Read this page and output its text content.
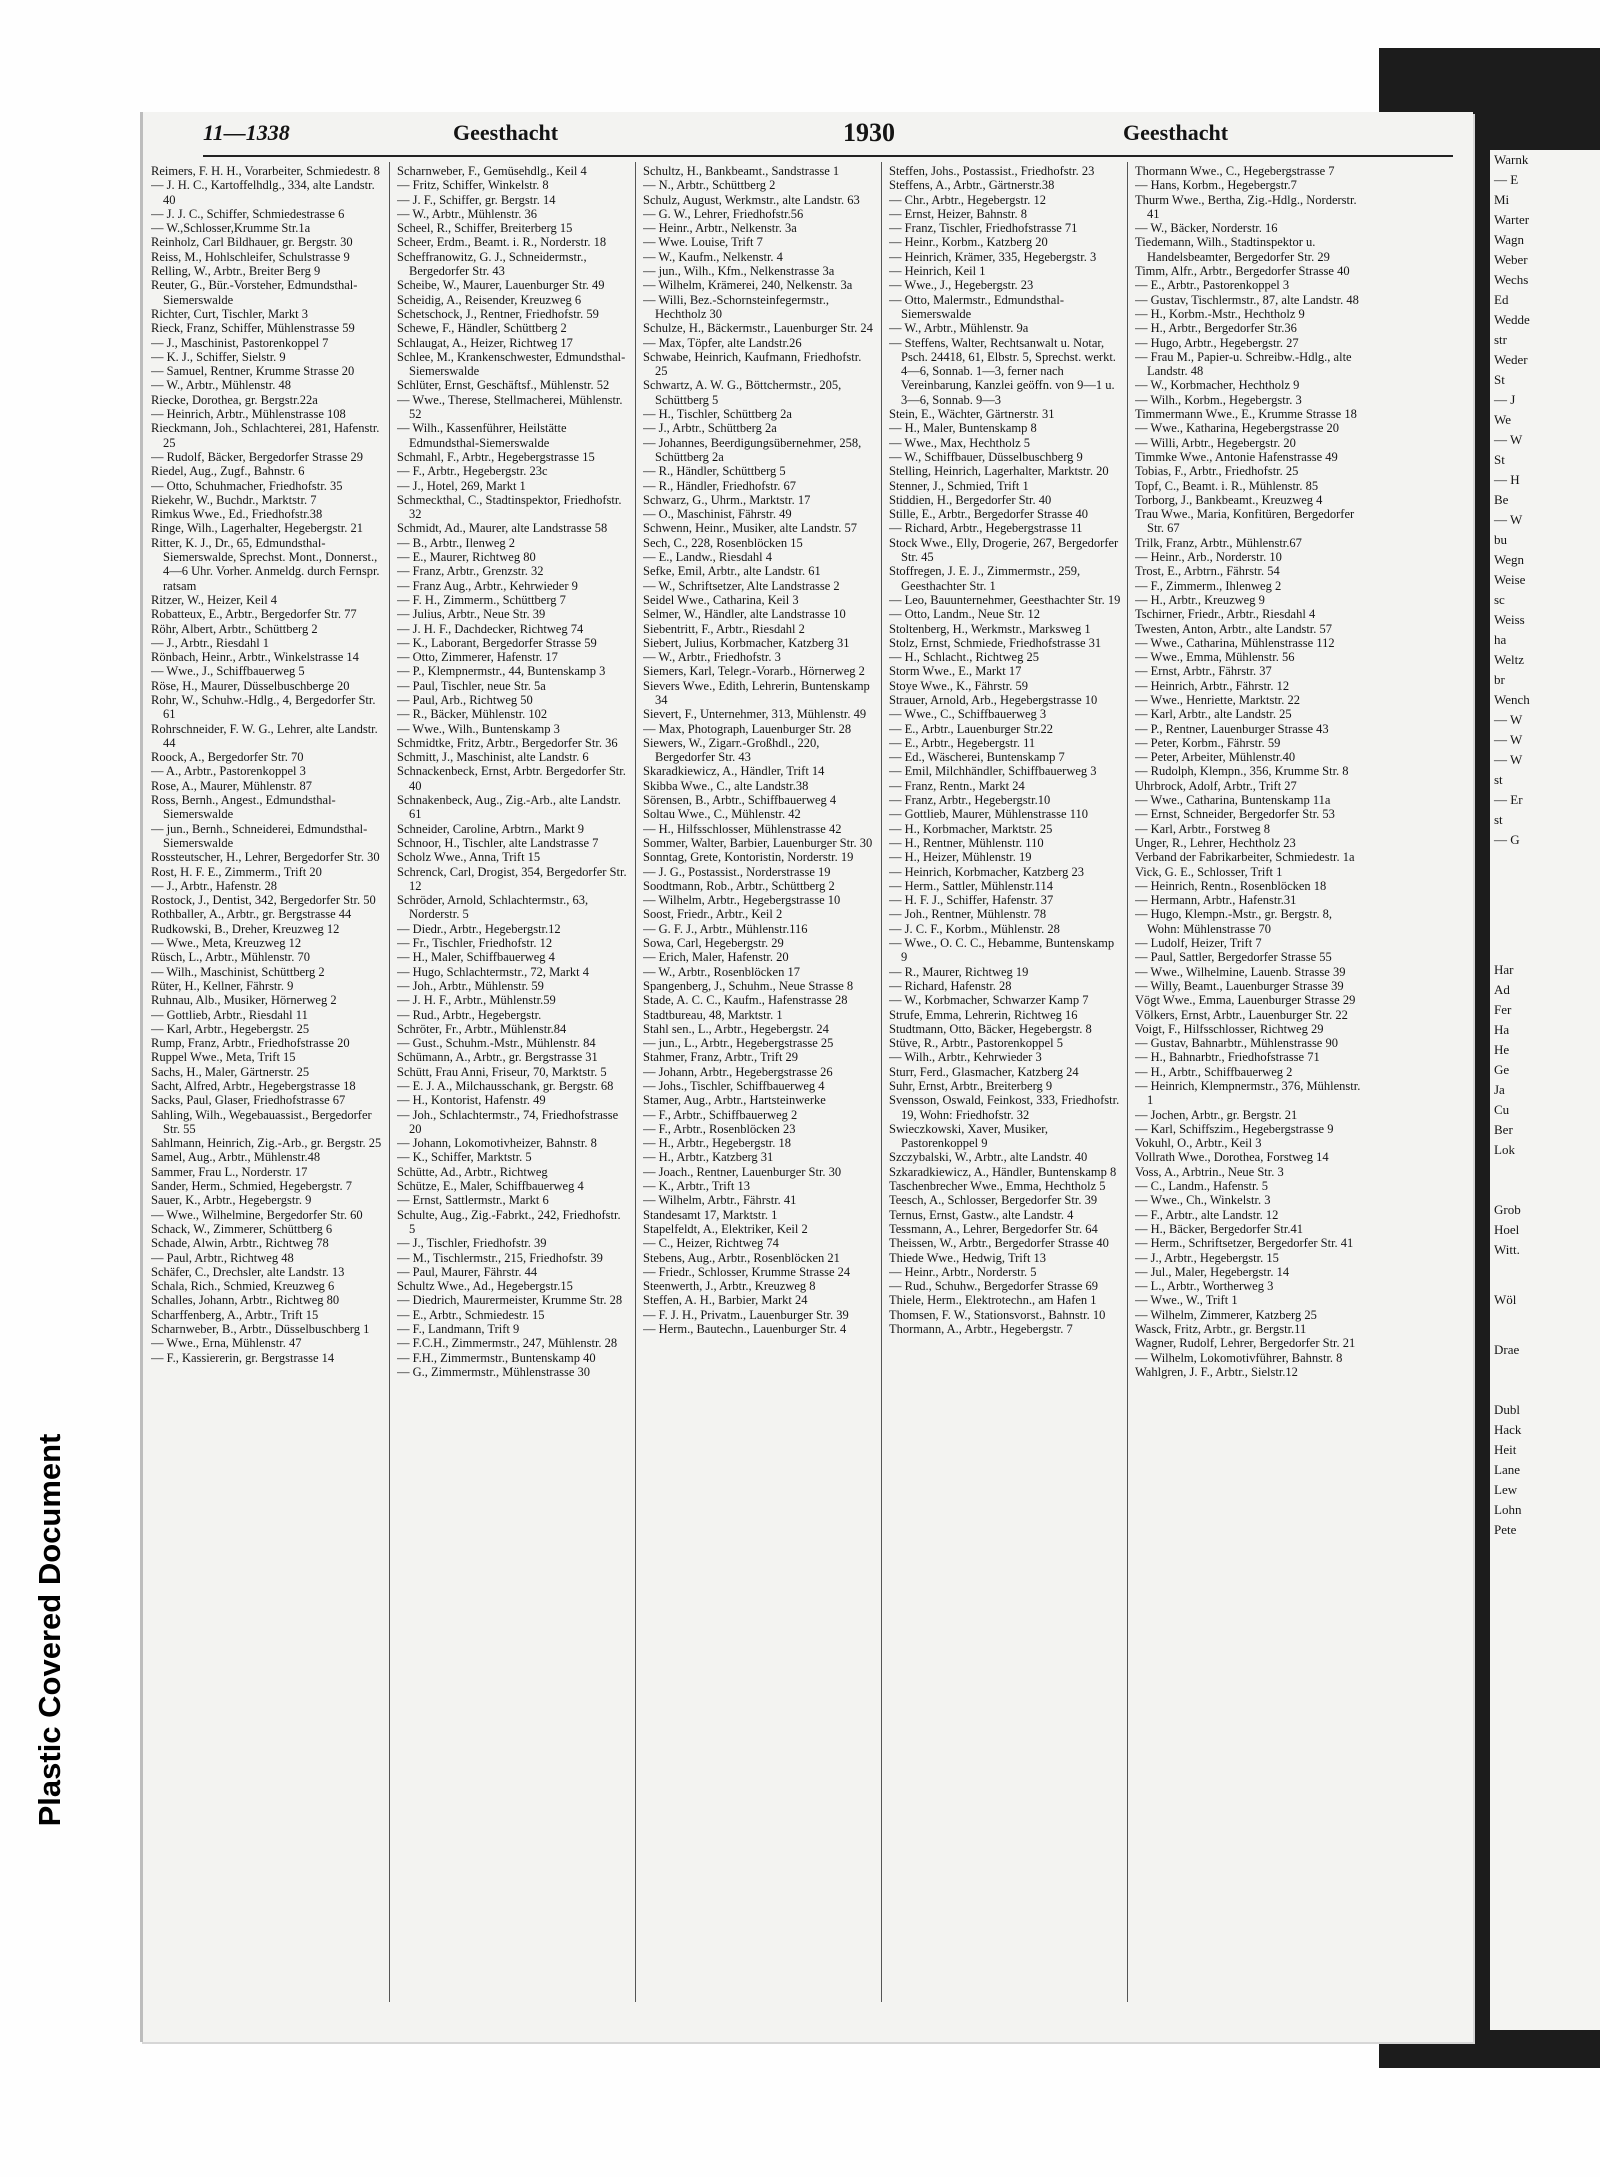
Plastic Covered Document
Warnk
— E
Mi
Warter
Wagn
Weber
Wechs
Ed
Wedde
str
Weder
St
— J
We
— W
St
— H
Be
— W
bu
Wegn
Weise
sc
Weiss
ha
Weltz
br
Wench
— W
— W
— W
st
— Er
st
— G
Har
Ad
Fer
Ha
He
Ge
Ja
Cu
Ber
Lok
Grob
Hoel
Witt.
Wöl
Drae
Dubl
Hack
Heit
Lane
Lew
Lohn
Pete
11—1338	Geesthacht	1930	Geesthacht
Reimers, F. H. H., Vorarbeiter, Schmiedestr. 8
— J. H. C., Kartoffelhdlg., 334, alte Landstr. 40
— J. J. C., Schiffer, Schmiedestrasse 6
— W.,Schlosser,Krumme Str.1a
Reinholz, Carl Bildhauer, gr. Bergstr. 30
Reiss, M., Hohlschleifer, Schulstrasse 9
Relling, W., Arbtr., Breiter Berg 9
Reuter, G., Bür.-Vorsteher, Edmundsthal-Siemerswalde
Richter, Curt, Tischler, Markt 3
Rieck, Franz, Schiffer, Mühlenstrasse 59
— J., Maschinist, Pastorenkoppel 7
— K. J., Schiffer, Sielstr. 9
— Samuel, Rentner, Krumme Strasse 20
— W., Arbtr., Mühlenstr. 48
Riecke, Dorothea, gr. Bergstr.22a
— Heinrich, Arbtr., Mühlenstrasse 108
Rieckmann, Joh., Schlachterei, 281, Hafenstr. 25
— Rudolf, Bäcker, Bergedorfer Strasse 29
Riedel, Aug., Zugf., Bahnstr. 6
— Otto, Schuhmacher, Friedhofstr. 35
Riekehr, W., Buchdr., Marktstr. 7
Rimkus Wwe., Ed., Friedhofstr.38
Ringe, Wilh., Lagerhalter, Hegebergstr. 21
Ritter, K. J., Dr., 65, Edmundsthal-Siemerswalde, Sprechst. Mont., Donnerst., 4—6 Uhr. Vorher. Anmeldg. durch Fernspr. ratsam
Ritzer, W., Heizer, Keil 4
Robatteux, E., Arbtr., Bergedorfer Str. 77
Röhr, Albert, Arbtr., Schüttberg 2
— J., Arbtr., Riesdahl 1
Rönbach, Heinr., Arbtr., Winkelstrasse 14
— Wwe., J., Schiffbauerweg 5
Röse, H., Maurer, Düsselbuschberge 20
Rohr, W., Schuhw.-Hdlg., 4, Bergedorfer Str. 61
Rohrschneider, F. W. G., Lehrer, alte Landstr. 44
Roock, A., Bergedorfer Str. 70
— A., Arbtr., Pastorenkoppel 3
Rose, A., Maurer, Mühlenstr. 87
Ross, Bernh., Angest., Edmundsthal-Siemerswalde
— jun., Bernh., Schneiderei, Edmundsthal-Siemerswalde
Rossteutscher, H., Lehrer, Bergedorfer Str. 30
Rost, H. F. E., Zimmerm., Trift 20
— J., Arbtr., Hafenstr. 28
Rostock, J., Dentist, 342, Bergedorfer Str. 50
Rothballer, A., Arbtr., gr. Bergstrasse 44
Rudkowski, B., Dreher, Kreuzweg 12
— Wwe., Meta, Kreuzweg 12
Rüsch, L., Arbtr., Mühlenstr. 70
— Wilh., Maschinist, Schüttberg 2
Rüter, H., Kellner, Fährstr. 9
Ruhnau, Alb., Musiker, Hörnerweg 2
— Gottlieb, Arbtr., Riesdahl 11
— Karl, Arbtr., Hegebergstr. 25
Rump, Franz, Arbtr., Friedhofstrasse 20
Ruppel Wwe., Meta, Trift 15
Sachs, H., Maler, Gärtnerstr. 25
Sacht, Alfred, Arbtr., Hegebergstrasse 18
Sacks, Paul, Glaser, Friedhofstrasse 67
Sahling, Wilh., Wegebauassist., Bergedorfer Str. 55
Sahlmann, Heinrich, Zig.-Arb., gr. Bergstr. 25
Samel, Aug., Arbtr., Mühlenstr.48
Sammer, Frau L., Norderstr. 17
Sander, Herm., Schmied, Hegebergstr. 7
Sauer, K., Arbtr., Hegebergstr. 9
— Wwe., Wilhelmine, Bergedorfer Str. 60
Schack, W., Zimmerer, Schüttberg 6
Schade, Alwin, Arbtr., Richtweg 78
— Paul, Arbtr., Richtweg 48
Schäfer, C., Drechsler, alte Landstr. 13
Schala, Rich., Schmied, Kreuzweg 6
Schalles, Johann, Arbtr., Richtweg 80
Scharffenberg, A., Arbtr., Trift 15
Scharnweber, B., Arbtr., Düsselbuschberg 1
— Wwe., Erna, Mühlenstr. 47
— F., Kassiererin, gr. Bergstrasse 14
Scharnweber, F., Gemüsehdlg., Keil 4
— Fritz, Schiffer, Winkelstr. 8
— J. F., Schiffer, gr. Bergstr. 14
— W., Arbtr., Mühlenstr. 36
Scheel, R., Schiffer, Breiterberg 15
Scheer, Erdm., Beamt. i. R., Norderstr. 18
Scheffranowitz, G. J., Schneidermstr., Bergedorfer Str. 43
Scheibe, W., Maurer, Lauenburger Str. 49
Scheidig, A., Reisender, Kreuzweg 6
Schetschock, J., Rentner, Friedhofstr. 59
Schewe, F., Händler, Schüttberg 2
Schlaugat, A., Heizer, Richtweg 17
Schlee, M., Krankenschwester, Edmundsthal-Siemerswalde
Schlüter, Ernst, Geschäftsf., Mühlenstr. 52
— Wwe., Therese, Stellmacherei, Mühlenstr. 52
— Wilh., Kassenführer, Heilstätte Edmundsthal-Siemerswalde
Schmahl, F., Arbtr., Hegebergstrasse 15
— F., Arbtr., Hegebergstr. 23c
— J., Hotel, 269, Markt 1
Schmeckthal, C., Stadtinspektor, Friedhofstr. 32
Schmidt, Ad., Maurer, alte Landstrasse 58
— B., Arbtr., Ilenweg 2
— E., Maurer, Richtweg 80
— Franz, Arbtr., Grenzstr. 32
— Franz Aug., Arbtr., Kehrwieder 9
— F. H., Zimmerm., Schüttberg 7
— Julius, Arbtr., Neue Str. 39
— J. H. F., Dachdecker, Richtweg 74
— K., Laborant, Bergedorfer Strasse 59
— Otto, Zimmerer, Hafenstr. 17
— P., Klempnermstr., 44, Buntenskamp 3
— Paul, Tischler, neue Str. 5a
— Paul, Arb., Richtweg 50
— R., Bäcker, Mühlenstr. 102
— Wwe., Wilh., Buntenskamp 3
Schmidtke, Fritz, Arbtr., Bergedorfer Str. 36
Schmitt, J., Maschinist, alte Landstr. 6
Schnackenbeck, Ernst, Arbtr. Bergedorfer Str. 40
Schnakenbeck, Aug., Zig.-Arb., alte Landstr. 61
Schneider, Caroline, Arbtrn., Markt 9
Schnoor, H., Tischler, alte Landstrasse 7
Scholz Wwe., Anna, Trift 15
Schrenck, Carl, Drogist, 354, Bergedorfer Str. 12
Schröder, Arnold, Schlachtermstr., 63, Norderstr. 5
— Diedr., Arbtr., Hegebergstr.12
— Fr., Tischler, Friedhofstr. 12
— H., Maler, Schiffbauerweg 4
— Hugo, Schlachtermstr., 72, Markt 4
— Joh., Arbtr., Mühlenstr. 59
— J. H. F., Arbtr., Mühlenstr.59
— Rud., Arbtr., Hegebergstr.
Schröter, Fr., Arbtr., Mühlenstr.84
— Gust., Schuhm.-Mstr., Mühlenstr. 84
Schümann, A., Arbtr., gr. Bergstrasse 31
Schütt, Frau Anni, Friseur, 70, Marktstr. 5
— E. J. A., Milchausschank, gr. Bergstr. 68
— H., Kontorist, Hafenstr. 49
— Joh., Schlachtermstr., 74, Friedhofstrasse 20
— Johann, Lokomotivheizer, Bahnstr. 8
— K., Schiffer, Marktstr. 5
Schütte, Ad., Arbtr., Richtweg
Schütze, E., Maler, Schiffbauerweg 4
— Ernst, Sattlermstr., Markt 6
Schulte, Aug., Zig.-Fabrkt., 242, Friedhofstr. 5
— J., Tischler, Friedhofstr. 39
— M., Tischlermstr., 215, Friedhofstr. 39
— Paul, Maurer, Fährstr. 44
Schultz Wwe., Ad., Hegebergstr.15
— Diedrich, Maurermeister, Krumme Str. 28
— E., Arbtr., Schmiedestr. 15
— F., Landmann, Trift 9
— F.C.H., Zimmermstr., 247, Mühlenstr. 28
— F.H., Zimmermstr., Buntenskamp 40
— G., Zimmermstr., Mühlenstrasse 30
Schultz, H., Bankbeamt., Sandstrasse 1
— N., Arbtr., Schüttberg 2
Schulz, August, Werkmstr., alte Landstr. 63
— G. W., Lehrer, Friedhofstr.56
— Heinr., Arbtr., Nelkenstr. 3a
— Wwe. Louise, Trift 7
— W., Kaufm., Nelkenstr. 4
— jun., Wilh., Kfm., Nelkenstrasse 3a
— Wilhelm, Krämerei, 240, Nelkenstr. 3a
— Willi, Bez.-Schornsteinfegermstr., Hechtholz 30
Schulze, H., Bäckermstr., Lauenburger Str. 24
— Max, Töpfer, alte Landstr.26
Schwabe, Heinrich, Kaufmann, Friedhofstr. 25
Schwartz, A. W. G., Böttchermstr., 205, Schüttberg 5
— H., Tischler, Schüttberg 2a
— J., Arbtr., Schüttberg 2a
— Johannes, Beerdigungsübernehmer, 258, Schüttberg 2a
— R., Händler, Schüttberg 5
— R., Händler, Friedhofstr. 67
Schwarz, G., Uhrm., Marktstr. 17
— O., Maschinist, Fährstr. 49
Schwenn, Heinr., Musiker, alte Landstr. 57
Sech, C., 228, Rosenblöcken 15
— E., Landw., Riesdahl 4
Sefke, Emil, Arbtr., alte Landstr. 61
— W., Schriftsetzer, Alte Landstrasse 2
Seidel Wwe., Catharina, Keil 3
Selmer, W., Händler, alte Landstrasse 10
Siebentritt, F., Arbtr., Riesdahl 2
Siebert, Julius, Korbmacher, Katzberg 31
— W., Arbtr., Friedhofstr. 3
Siemers, Karl, Telegr.-Vorarb., Hörnerweg 2
Sievers Wwe., Edith, Lehrerin, Buntenskamp 34
Sievert, F., Unternehmer, 313, Mühlenstr. 49
— Max, Photograph, Lauenburger Str. 28
Siewers, W., Zigarr.-Großhdl., 220, Bergedorfer Str. 43
Skaradkiewicz, A., Händler, Trift 14
Skibba Wwe., C., alte Landstr.38
Sörensen, B., Arbtr., Schiffbauerweg 4
Soltau Wwe., C., Mühlenstr. 42
— H., Hilfsschlosser, Mühlenstrasse 42
Sommer, Walter, Barbier, Lauenburger Str. 30
Sonntag, Grete, Kontoristin, Norderstr. 19
— J. G., Postassist., Norderstrasse 19
Soodtmann, Rob., Arbtr., Schüttberg 2
— Wilhelm, Arbtr., Hegebergstrasse 10
Soost, Friedr., Arbtr., Keil 2
— G. F. J., Arbtr., Mühlenstr.116
Sowa, Carl, Hegebergstr. 29
— Erich, Maler, Hafenstr. 20
— W., Arbtr., Rosenblöcken 17
Spangenberg, J., Schuhm., Neue Strasse 8
Stade, A. C. C., Kaufm., Hafenstrasse 28
Stadtbureau, 48, Marktstr. 1
Stahl sen., L., Arbtr., Hegebergstr. 24
— jun., L., Arbtr., Hegebergstrasse 25
Stahmer, Franz, Arbtr., Trift 29
— Johann, Arbtr., Hegebergstrasse 26
— Johs., Tischler, Schiffbauerweg 4
Stamer, Aug., Arbtr., Hartsteinwerke
— F., Arbtr., Schiffbauerweg 2
— F., Arbtr., Rosenblöcken 23
— H., Arbtr., Hegebergstr. 18
— H., Arbtr., Katzberg 31
— Joach., Rentner, Lauenburger Str. 30
— K., Arbtr., Trift 13
— Wilhelm, Arbtr., Fährstr. 41
Standesamt 17, Marktstr. 1
Stapelfeldt, A., Elektriker, Keil 2
— C., Heizer, Richtweg 74
Stebens, Aug., Arbtr., Rosenblöcken 21
— Friedr., Schlosser, Krumme Strasse 24
Steenwerth, J., Arbtr., Kreuzweg 8
Steffen, A. H., Barbier, Markt 24
— F. J. H., Privatm., Lauenburger Str. 39
— Herm., Bautechn., Lauenburger Str. 4
Steffen, Johs., Postassist., Friedhofstr. 23
Steffens, A., Arbtr., Gärtnerstr.38
— Chr., Arbtr., Hegebergstr. 12
— Ernst, Heizer, Bahnstr. 8
— Franz, Tischler, Friedhofstrasse 71
— Heinr., Korbm., Katzberg 20
— Heinrich, Krämer, 335, Hegebergstr. 3
— Heinrich, Keil 1
— Wwe., J., Hegebergstr. 23
— Otto, Malermstr., Edmundsthal-Siemerswalde
— W., Arbtr., Mühlenstr. 9a
— Steffens, Walter, Rechtsanwalt u. Notar, Psch. 24418, 61, Elbstr. 5, Sprechst. werkt. 4—6, Sonnab. 1—3, ferner nach Vereinbarung, Kanzlei geöffn. von 9—1 u. 3—6, Sonnab. 9—3
Stein, E., Wächter, Gärtnerstr. 31
— H., Maler, Buntenskamp 8
— Wwe., Max, Hechtholz 5
— W., Schiffbauer, Düsselbuschberg 9
Stelling, Heinrich, Lagerhalter, Marktstr. 20
Stenner, J., Schmied, Trift 1
Stiddien, H., Bergedorfer Str. 40
Stille, E., Arbtr., Bergedorfer Strasse 40
— Richard, Arbtr., Hegebergstrasse 11
Stock Wwe., Elly, Drogerie, 267, Bergedorfer Str. 45
Stoffregen, J. E. J., Zimmermstr., 259, Geesthachter Str. 1
— Leo, Bauunternehmer, Geesthachter Str. 19
— Otto, Landm., Neue Str. 12
Stoltenberg, H., Werkmstr., Marksweg 1
Stolz, Ernst, Schmiede, Friedhofstrasse 31
— H., Schlacht., Richtweg 25
Storm Wwe., E., Markt 17
Stoye Wwe., K., Fährstr. 59
Strauer, Arnold, Arb., Hegebergstrasse 10
— Wwe., C., Schiffbauerweg 3
— E., Arbtr., Lauenburger Str.22
— E., Arbtr., Hegebergstr. 11
— Ed., Wäscherei, Buntenskamp 7
— Emil, Milchhändler, Schiffbauerweg 3
— Franz, Rentn., Markt 24
— Franz, Arbtr., Hegebergstr.10
— Gottlieb, Maurer, Mühlenstrasse 110
— H., Korbmacher, Marktstr. 25
— H., Rentner, Mühlenstr. 110
— H., Heizer, Mühlenstr. 19
— Heinrich, Korbmacher, Katzberg 23
— Herm., Sattler, Mühlenstr.114
— H. F. J., Schiffer, Hafenstr. 37
— Joh., Rentner, Mühlenstr. 78
— J. C. F., Korbm., Mühlenstr. 28
— Wwe., O. C. C., Hebamme, Buntenskamp 9
— R., Maurer, Richtweg 19
— Richard, Hafenstr. 28
— W., Korbmacher, Schwarzer Kamp 7
Strufe, Emma, Lehrerin, Richtweg 16
Studtmann, Otto, Bäcker, Hegebergstr. 8
Stüve, R., Arbtr., Pastorenkoppel 5
— Wilh., Arbtr., Kehrwieder 3
Sturr, Ferd., Glasmacher, Katzberg 24
Suhr, Ernst, Arbtr., Breiterberg 9
Svensson, Oswald, Feinkost, 333, Friedhofstr. 19, Wohn: Friedhofstr. 32
Swieczkowski, Xaver, Musiker, Pastorenkoppel 9
Szczybalski, W., Arbtr., alte Landstr. 40
Szkaradkiewicz, A., Händler, Buntenskamp 8
Taschenbrecher Wwe., Emma, Hechtholz 5
Teesch, A., Schlosser, Bergedorfer Str. 39
Ternus, Ernst, Gastw., alte Landstr. 4
Tessmann, A., Lehrer, Bergedorfer Str. 64
Theissen, W., Arbtr., Bergedorfer Strasse 40
Thiede Wwe., Hedwig, Trift 13
— Heinr., Arbtr., Norderstr. 5
— Rud., Schuhw., Bergedorfer Strasse 69
Thiele, Herm., Elektrotechn., am Hafen 1
Thomsen, F. W., Stationsvorst., Bahnstr. 10
Thormann, A., Arbtr., Hegebergstr. 7
Thormann Wwe., C., Hegebergstrasse 7
— Hans, Korbm., Hegebergstr.7
Thurm Wwe., Bertha, Zig.-Hdlg., Norderstr. 41
— W., Bäcker, Norderstr. 16
Tiedemann, Wilh., Stadtinspektor u. Handelsbeamter, Bergedorfer Str. 29
Timm, Alfr., Arbtr., Bergedorfer Strasse 40
— E., Arbtr., Pastorenkoppel 3
— Gustav, Tischlermstr., 87, alte Landstr. 48
— H., Korbm.-Mstr., Hechtholz 9
— H., Arbtr., Bergedorfer Str.36
— Hugo, Arbtr., Hegebergstr. 27
— Frau M., Papier-u. Schreibw.-Hdlg., alte Landstr. 48
— W., Korbmacher, Hechtholz 9
— Wilh., Korbm., Hegebergstr. 3
Timmermann Wwe., E., Krumme Strasse 18
— Wwe., Katharina, Hegebergstrasse 20
— Willi, Arbtr., Hegebergstr. 20
Timmke Wwe., Antonie Hafenstrasse 49
Tobias, F., Arbtr., Friedhofstr. 25
Topf, C., Beamt. i. R., Mühlenstr. 85
Torborg, J., Bankbeamt., Kreuzweg 4
Trau Wwe., Maria, Konfitüren, Bergedorfer Str. 67
Trilk, Franz, Arbtr., Mühlenstr.67
— Heinr., Arb., Norderstr. 10
Trost, E., Arbtrn., Fährstr. 54
— F., Zimmerm., Ihlenweg 2
— H., Arbtr., Kreuzweg 9
Tschirner, Friedr., Arbtr., Riesdahl 4
Twesten, Anton, Arbtr., alte Landstr. 57
— Wwe., Catharina, Mühlenstrasse 112
— Wwe., Emma, Mühlenstr. 56
— Ernst, Arbtr., Fährstr. 37
— Heinrich, Arbtr., Fährstr. 12
— Wwe., Henriette, Marktstr. 22
— Karl, Arbtr., alte Landstr. 25
— P., Rentner, Lauenburger Strasse 43
— Peter, Korbm., Fährstr. 59
— Peter, Arbeiter, Mühlenstr.40
— Rudolph, Klempn., 356, Krumme Str. 8
Uhrbrock, Adolf, Arbtr., Trift 27
— Wwe., Catharina, Buntenskamp 11a
— Ernst, Schneider, Bergedorfer Str. 53
— Karl, Arbtr., Forstweg 8
Unger, R., Lehrer, Hechtholz 23
Verband der Fabrikarbeiter, Schmiedestr. 1a
Vick, G. E., Schlosser, Trift 1
— Heinrich, Rentn., Rosenblöcken 18
— Hermann, Arbtr., Hafenstr.31
— Hugo, Klempn.-Mstr., gr. Bergstr. 8, Wohn: Mühlenstrasse 70
— Ludolf, Heizer, Trift 7
— Paul, Sattler, Bergedorfer Strasse 55
— Wwe., Wilhelmine, Lauenb. Strasse 39
— Willy, Beamt., Lauenburger Strasse 39
Vögt Wwe., Emma, Lauenburger Strasse 29
Völkers, Ernst, Arbtr., Lauenburger Str. 22
Voigt, F., Hilfsschlosser, Richtweg 29
— Gustav, Bahnarbtr., Mühlenstrasse 90
— H., Bahnarbtr., Friedhofstrasse 71
— H., Arbtr., Schiffbauerweg 2
— Heinrich, Klempnermstr., 376, Mühlenstr. 1
— Jochen, Arbtr., gr. Bergstr. 21
— Karl, Schiffszim., Hegebergstrasse 9
Vokuhl, O., Arbtr., Keil 3
Vollrath Wwe., Dorothea, Forstweg 14
Voss, A., Arbtrin., Neue Str. 3
— C., Landm., Hafenstr. 5
— Wwe., Ch., Winkelstr. 3
— F., Arbtr., alte Landstr. 12
— H., Bäcker, Bergedorfer Str.41
— Herm., Schriftsetzer, Bergedorfer Str. 41
— J., Arbtr., Hegebergstr. 15
— Jul., Maler, Hegebergstr. 14
— L., Arbtr., Wortherweg 3
— Wwe., W., Trift 1
— Wilhelm, Zimmerer, Katzberg 25
Wasck, Fritz, Arbtr., gr. Bergstr.11
Wagner, Rudolf, Lehrer, Bergedorfer Str. 21
— Wilhelm, Lokomotivführer, Bahnstr. 8
Wahlgren, J. F., Arbtr., Sielstr.12
